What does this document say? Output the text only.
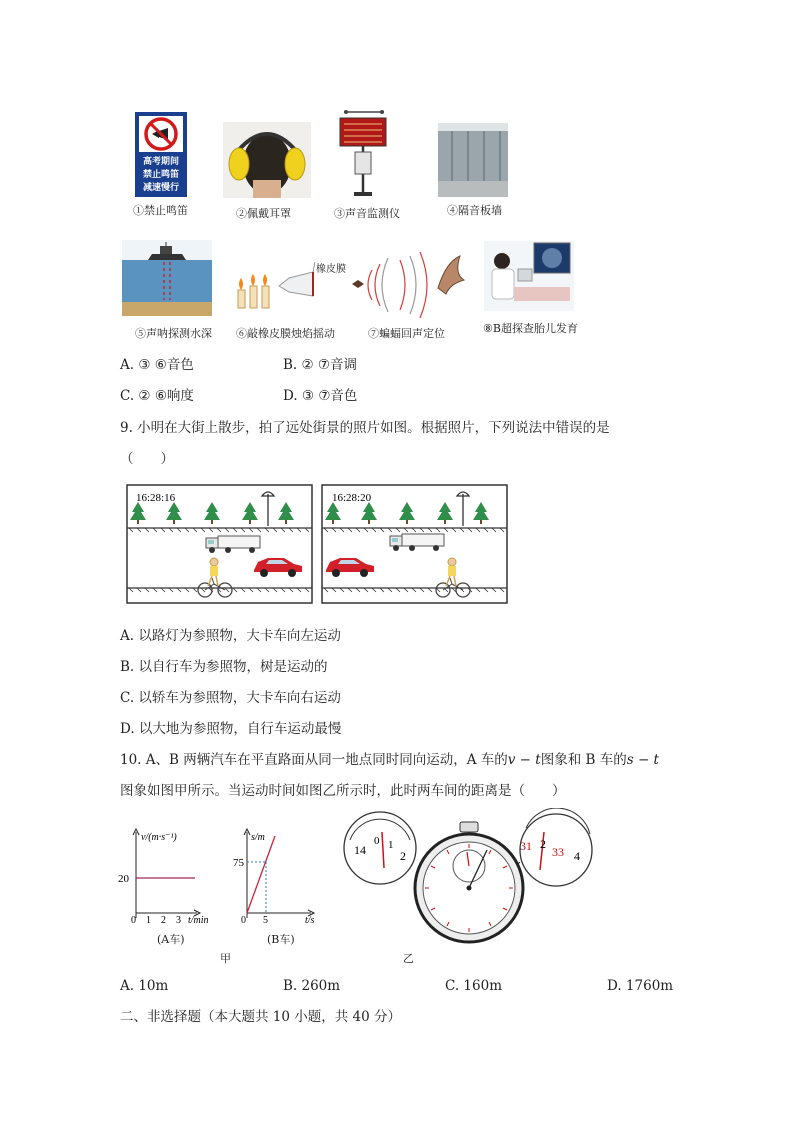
高考期间
禁止鸣笛
减速慢行
①禁止鸣笛	②佩戴耳罩	③声音监测仪	④隔音板墙
⑤声呐探测水深
橡皮膜
⑥敲橡皮膜烛焰摇动	⑦蝙蝠回声定位	⑧B超探查胎儿发育
A. ③ ⑥音色	B. ② ⑦音调
C. ② ⑥响度	D. ③ ⑦音色
9. 小明在大街上散步，拍了远处街景的照片如图。根据照片，下列说法中错误的是
（　　）
16:28:16	16:28:20
A. 以路灯为参照物，大卡车向左运动
B. 以自行车为参照物，树是运动的
C. 以轿车为参照物，大卡车向右运动
D. 以大地为参照物，自行车运动最慢
10. A、B 两辆汽车在平直路面从同一地点同时同向运动，A 车的v − t图象和 B 车的s − t
图象如图甲所示。当运动时间如图乙所示时，此时两车间的距离是（　　）
v/(m·s⁻¹)
20
0 1 2 3 t/min
(A车)
s/m
75
0 5	t/s
(B车)
甲
14
0 1
2
31 2
33 4
乙
A. 10m	B. 260m	C. 160m	D. 1760m
二、非选择题（本大题共 10 小题，共 40 分）
